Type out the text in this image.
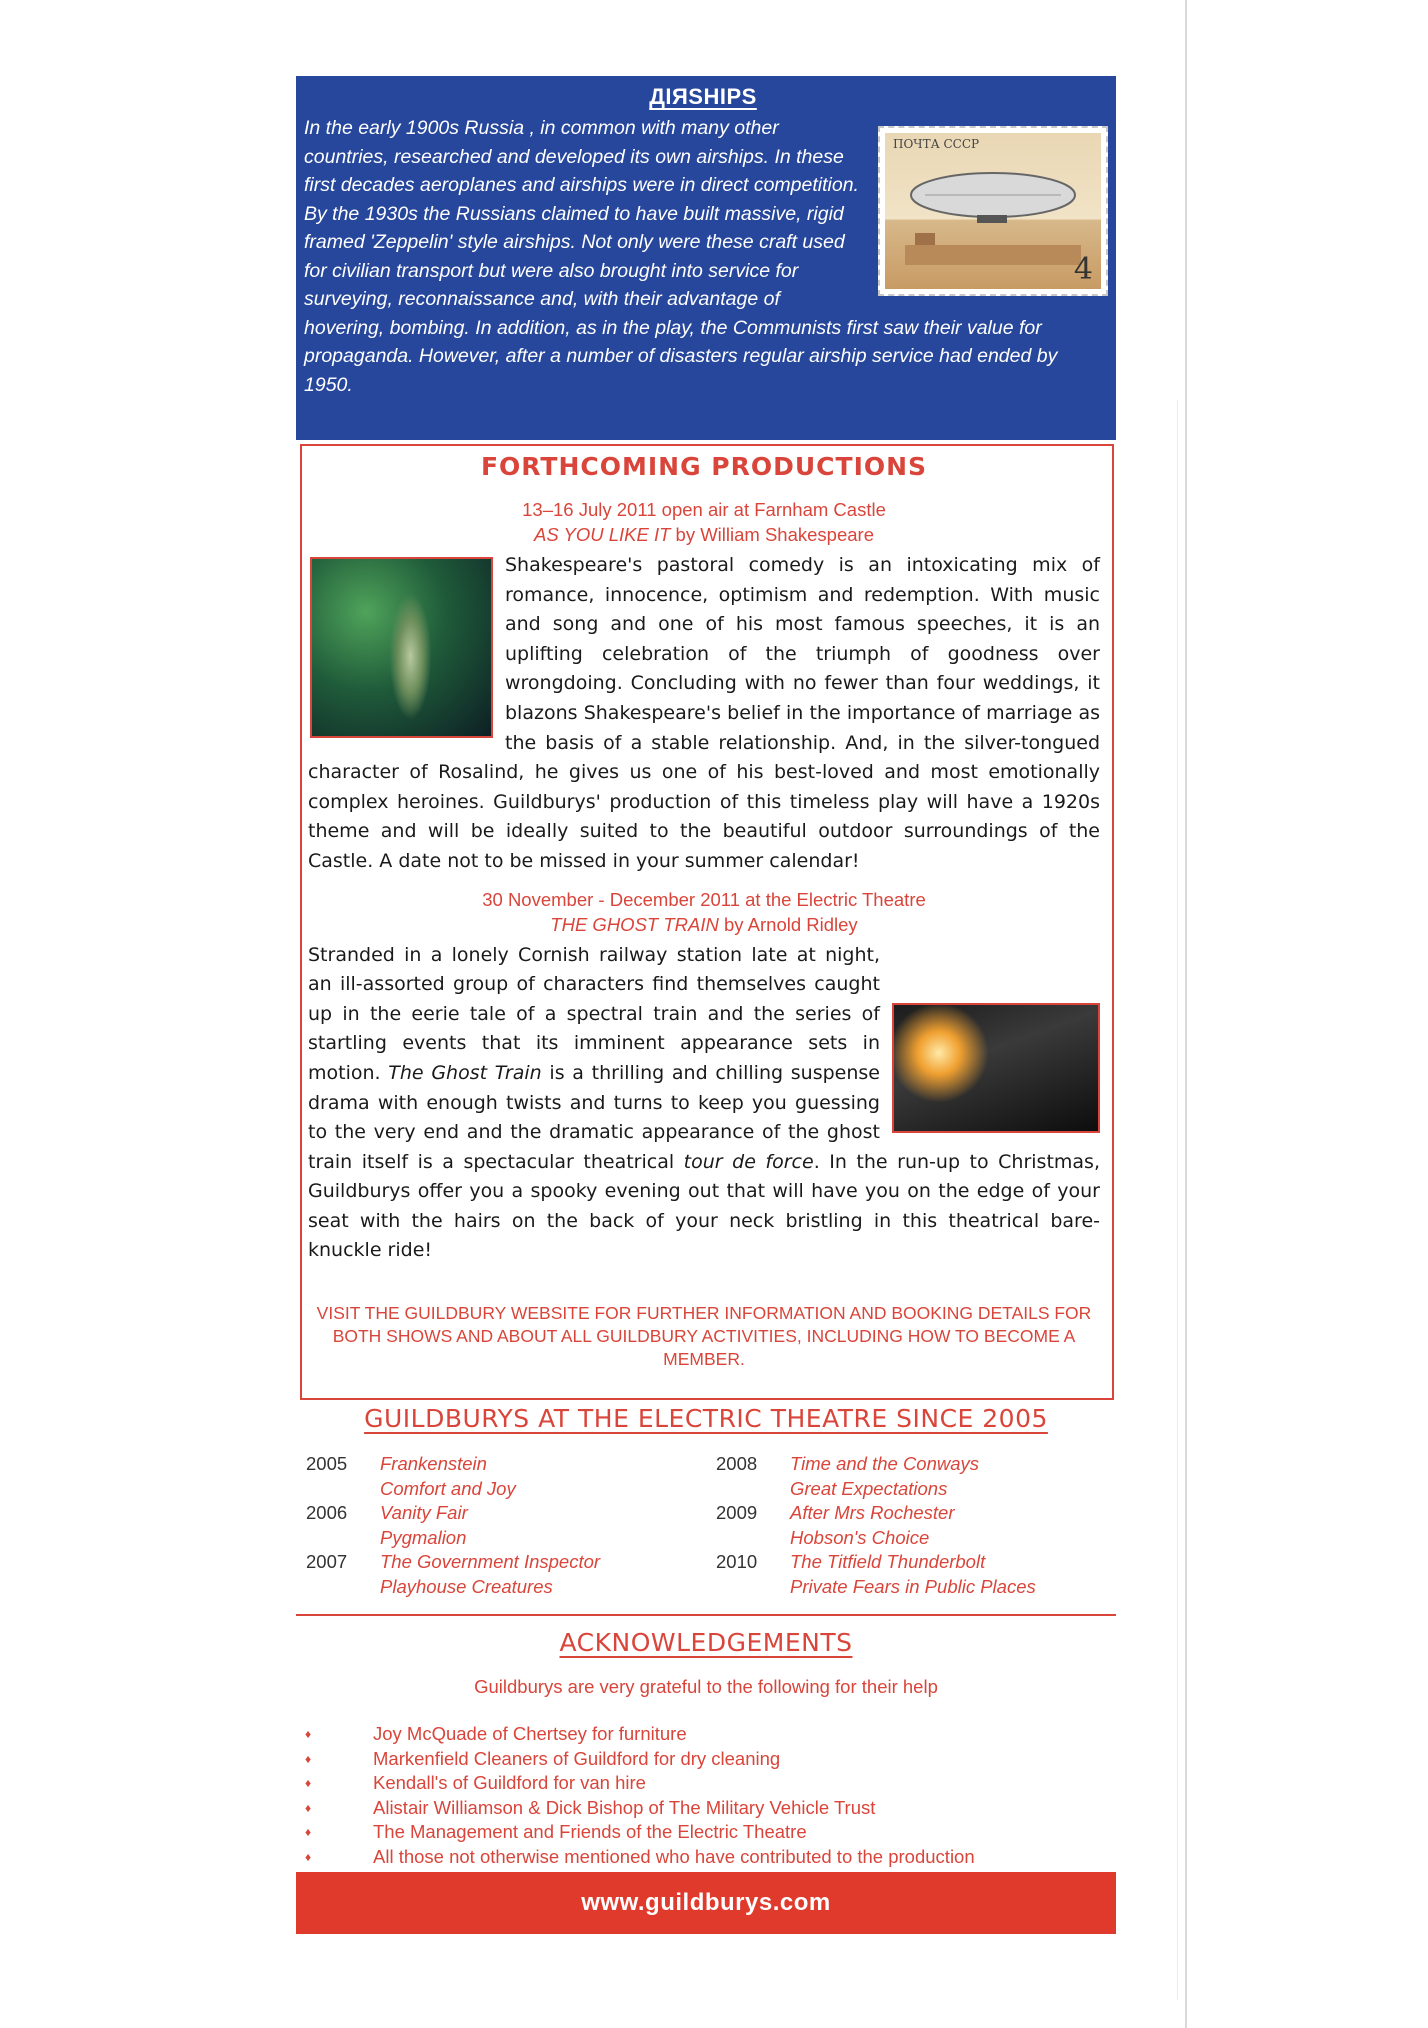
ДIЯSHIPS
ПОЧТА СССР
4

In the early 1900s Russia , in common with many other countries, researched and developed its own airships. In these first decades aeroplanes and airships were in direct competition. By the 1930s the Russians claimed to have built massive, rigid framed 'Zeppelin' style airships. Not only were these craft used for civilian transport but were also brought into service for surveying, reconnaissance and, with their advantage of hovering, bombing. In addition, as in the play, the Communists first saw their value for propaganda. However, after a number of disasters regular airship service had ended by 1950.

FORTHCOMING PRODUCTIONS
13–16 July 2011 open air at Farnham Castle
AS YOU LIKE IT by William Shakespeare
Shakespeare's pastoral comedy is an intoxicating mix of romance, innocence, optimism and redemption. With music and song and one of his most famous speeches, it is an uplifting celebration of the triumph of goodness over wrongdoing. Concluding with no fewer than four weddings, it blazons Shakespeare's belief in the importance of marriage as the basis of a stable relationship. And, in the silver-tongued character of Rosalind, he gives us one of his best-loved and most emotionally complex heroines. Guildburys' production of this timeless play will have a 1920s theme and will be ideally suited to the beautiful outdoor surroundings of the Castle. A date not to be missed in your summer calendar!
30 November - December 2011 at the Electric Theatre
THE GHOST TRAIN by Arnold Ridley
Stranded in a lonely Cornish railway station late at night, an ill-assorted group of characters find themselves caught up in the eerie tale of a spectral train and the series of startling events that its imminent appearance sets in motion. The Ghost Train is a thrilling and chilling suspense drama with enough twists and turns to keep you guessing to the very end and the dramatic appearance of the ghost train itself is a spectacular theatrical tour de force. In the run-up to Christmas, Guildburys offer you a spooky evening out that will have you on the edge of your seat with the hairs on the back of your neck bristling in this theatrical bare-knuckle ride!
VISIT THE GUILDBURY WEBSITE FOR FURTHER INFORMATION AND BOOKING DETAILS FOR BOTH SHOWS AND ABOUT ALL GUILDBURY ACTIVITIES, INCLUDING HOW TO BECOME A MEMBER.
GUILDBURYS AT THE ELECTRIC THEATRE SINCE 2005
2005	Frankenstein
Comfort and Joy
2006	Vanity Fair
Pygmalion
2007	The Government Inspector
Playhouse Creatures
2008	Time and the Conways
Great Expectations
2009	After Mrs Rochester
Hobson's Choice
2010	The Titfield Thunderbolt
Private Fears in Public Places
ACKNOWLEDGEMENTS
Guildburys are very grateful to the following for their help
♦	Joy McQuade of Chertsey for furniture
♦	Markenfield Cleaners of Guildford for dry cleaning
♦	Kendall's of Guildford for van hire
♦	Alistair Williamson & Dick Bishop of The Military Vehicle Trust
♦	The Management and Friends of the Electric Theatre
♦	All those not otherwise mentioned who have contributed to the production
www.guildburys.com
